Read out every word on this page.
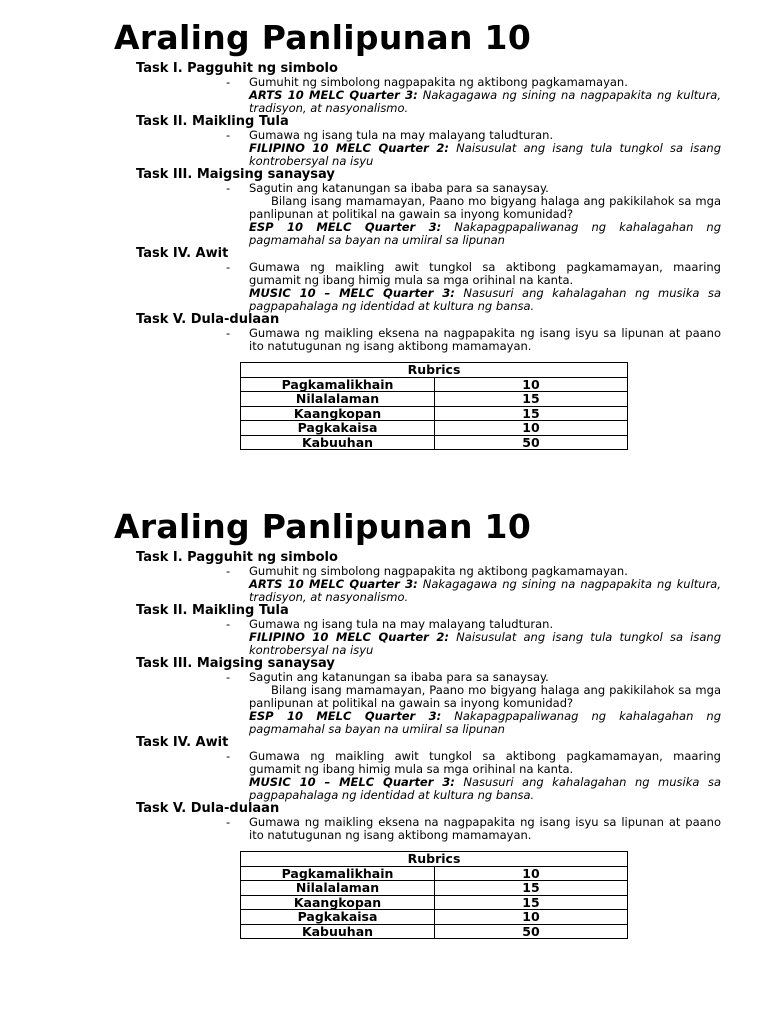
Araling Panlipunan 10
Task I. Pagguhit ng simbolo
- Gumuhit ng simbolong nagpapakita ng aktibong pagkamamayan.

ARTS 10 MELC Quarter 3: Nakagagawa ng sining na nagpapakita ng kultura, tradisyon, at nasyonalismo.

Task II. Maikling Tula
- Gumawa ng isang tula na may malayang taludturan.

FILIPINO 10 MELC Quarter 2: Naisusulat ang isang tula tungkol sa isang kontrobersyal na isyu

Task III. Maigsing sanaysay
- Sagutin ang katanungan sa ibaba para sa sanaysay.

Bilang isang mamamayan, Paano mo bigyang halaga ang pakikilahok sa mga panlipunan at politikal na gawain sa inyong komunidad?

ESP 10 MELC Quarter 3: Nakapagpapaliwanag ng kahalagahan ng pagmamahal sa bayan na umiiral sa lipunan

Task IV. Awit
- Gumawa ng maikling awit tungkol sa aktibong pagkamamayan, maaring gumamit ng ibang himig mula sa mga orihinal na kanta.

MUSIC 10 – MELC Quarter 3: Nasusuri ang kahalagahan ng musika sa pagpapahalaga ng identidad at kultura ng bansa.

Task V. Dula-dulaan
- Gumawa ng maikling eksena na nagpapakita ng isang isyu sa lipunan at paano ito natutugunan ng isang aktibong mamamayan.

Rubrics	
Pagkamalikhain	10
Nilalalaman	15
Kaangkopan	15
Pagkakaisa	10
Kabuuhan	50
Araling Panlipunan 10
Task I. Pagguhit ng simbolo
- Gumuhit ng simbolong nagpapakita ng aktibong pagkamamayan.

ARTS 10 MELC Quarter 3: Nakagagawa ng sining na nagpapakita ng kultura, tradisyon, at nasyonalismo.

Task II. Maikling Tula
- Gumawa ng isang tula na may malayang taludturan.

FILIPINO 10 MELC Quarter 2: Naisusulat ang isang tula tungkol sa isang kontrobersyal na isyu

Task III. Maigsing sanaysay
- Sagutin ang katanungan sa ibaba para sa sanaysay.

Bilang isang mamamayan, Paano mo bigyang halaga ang pakikilahok sa mga panlipunan at politikal na gawain sa inyong komunidad?

ESP 10 MELC Quarter 3: Nakapagpapaliwanag ng kahalagahan ng pagmamahal sa bayan na umiiral sa lipunan

Task IV. Awit
- Gumawa ng maikling awit tungkol sa aktibong pagkamamayan, maaring gumamit ng ibang himig mula sa mga orihinal na kanta.

MUSIC 10 – MELC Quarter 3: Nasusuri ang kahalagahan ng musika sa pagpapahalaga ng identidad at kultura ng bansa.

Task V. Dula-dulaan
- Gumawa ng maikling eksena na nagpapakita ng isang isyu sa lipunan at paano ito natutugunan ng isang aktibong mamamayan.

Rubrics	
Pagkamalikhain	10
Nilalalaman	15
Kaangkopan	15
Pagkakaisa	10
Kabuuhan	50
